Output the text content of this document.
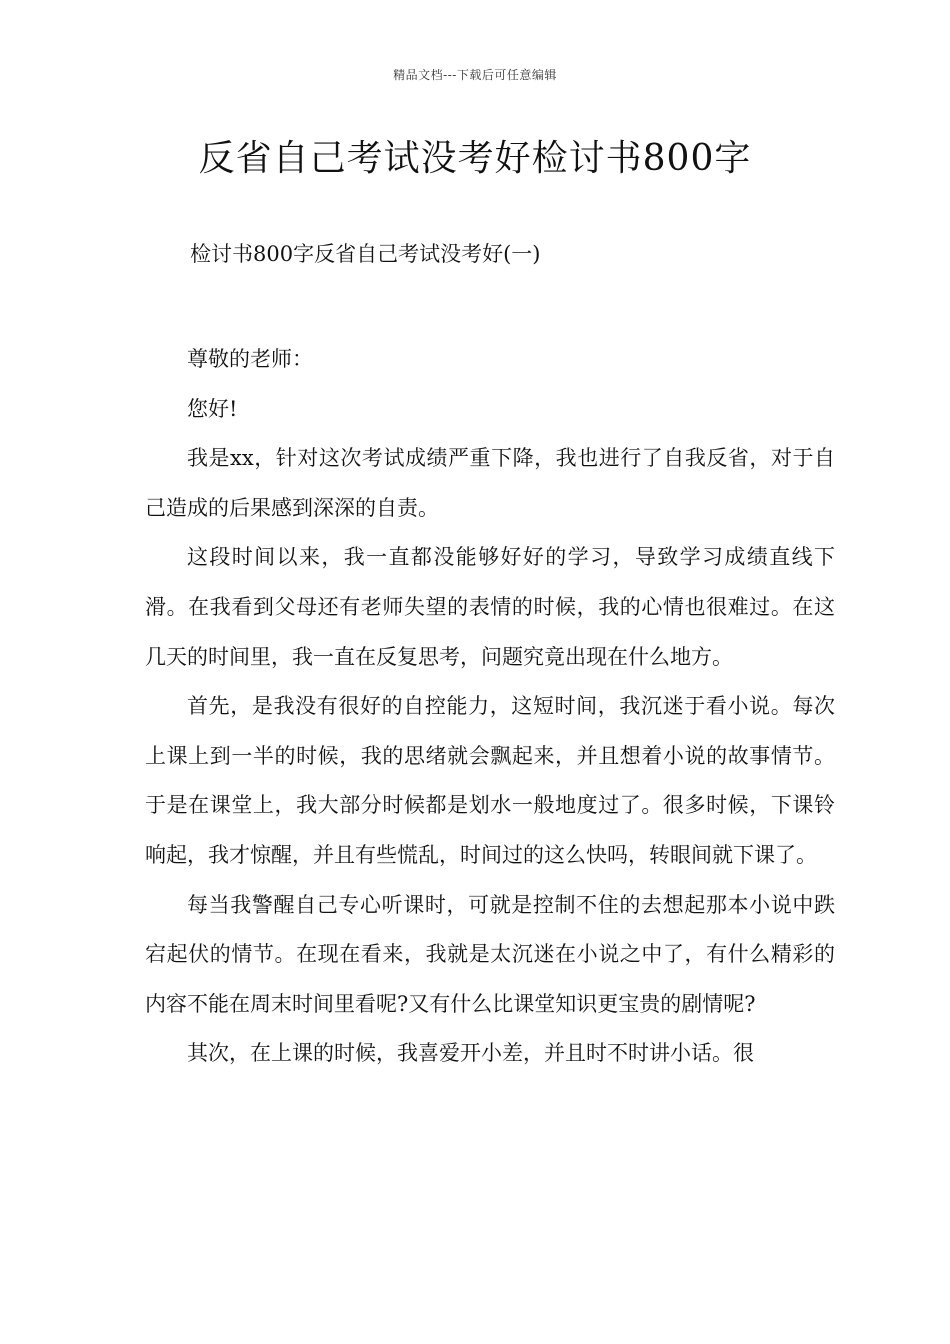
精品文档---下载后可任意编辑
反省自己考试没考好检讨书800字
检讨书800字反省自己考试没考好(一)

尊敬的老师：

您好!

我是xx，针对这次考试成绩严重下降，我也进行了自我反省，对于自己造成的后果感到深深的自责。

这段时间以来，我一直都没能够好好的学习，导致学习成绩直线下滑。在我看到父母还有老师失望的表情的时候，我的心情也很难过。在这几天的时间里，我一直在反复思考，问题究竟出现在什么地方。

首先，是我没有很好的自控能力，这短时间，我沉迷于看小说。每次上课上到一半的时候，我的思绪就会飘起来，并且想着小说的故事情节。于是在课堂上，我大部分时候都是划水一般地度过了。很多时候，下课铃响起，我才惊醒，并且有些慌乱，时间过的这么快吗，转眼间就下课了。

每当我警醒自己专心听课时，可就是控制不住的去想起那本小说中跌宕起伏的情节。在现在看来，我就是太沉迷在小说之中了，有什么精彩的内容不能在周末时间里看呢?又有什么比课堂知识更宝贵的剧情呢?

其次，在上课的时候，我喜爱开小差，并且时不时讲小话。很
